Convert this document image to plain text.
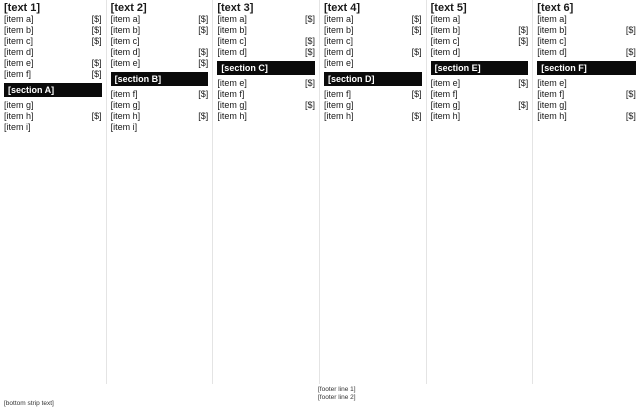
[text 1]
[item a]	[$]
[item b]	[$]
[item c]	[$]
[item d]
[item e]	[$]
[item f]	[$]
[section A]
[item g]
[item h]	[$]
[item i]
[text 2]
[item a]	[$]
[item b]	[$]
[item c]
[item d]	[$]
[item e]	[$]
[section B]
[item f]	[$]
[item g]
[item h]	[$]
[item i]
[text 3]
[item a]	[$]
[item b]
[item c]	[$]
[item d]	[$]
[section C]
[item e]	[$]
[item f]
[item g]	[$]
[item h]
[text 4]
[item a]	[$]
[item b]	[$]
[item c]
[item d]	[$]
[item e]
[section D]
[item f]	[$]
[item g]
[item h]	[$]
[text 5]
[item a]
[item b]	[$]
[item c]	[$]
[item d]
[section E]
[item e]	[$]
[item f]
[item g]	[$]
[item h]
[text 6]
[item a]
[item b]	[$]
[item c]
[item d]	[$]
[section F]
[item e]
[item f]	[$]
[item g]
[item h]	[$]
[footer line 1]
[footer line 2]
[bottom strip text]
